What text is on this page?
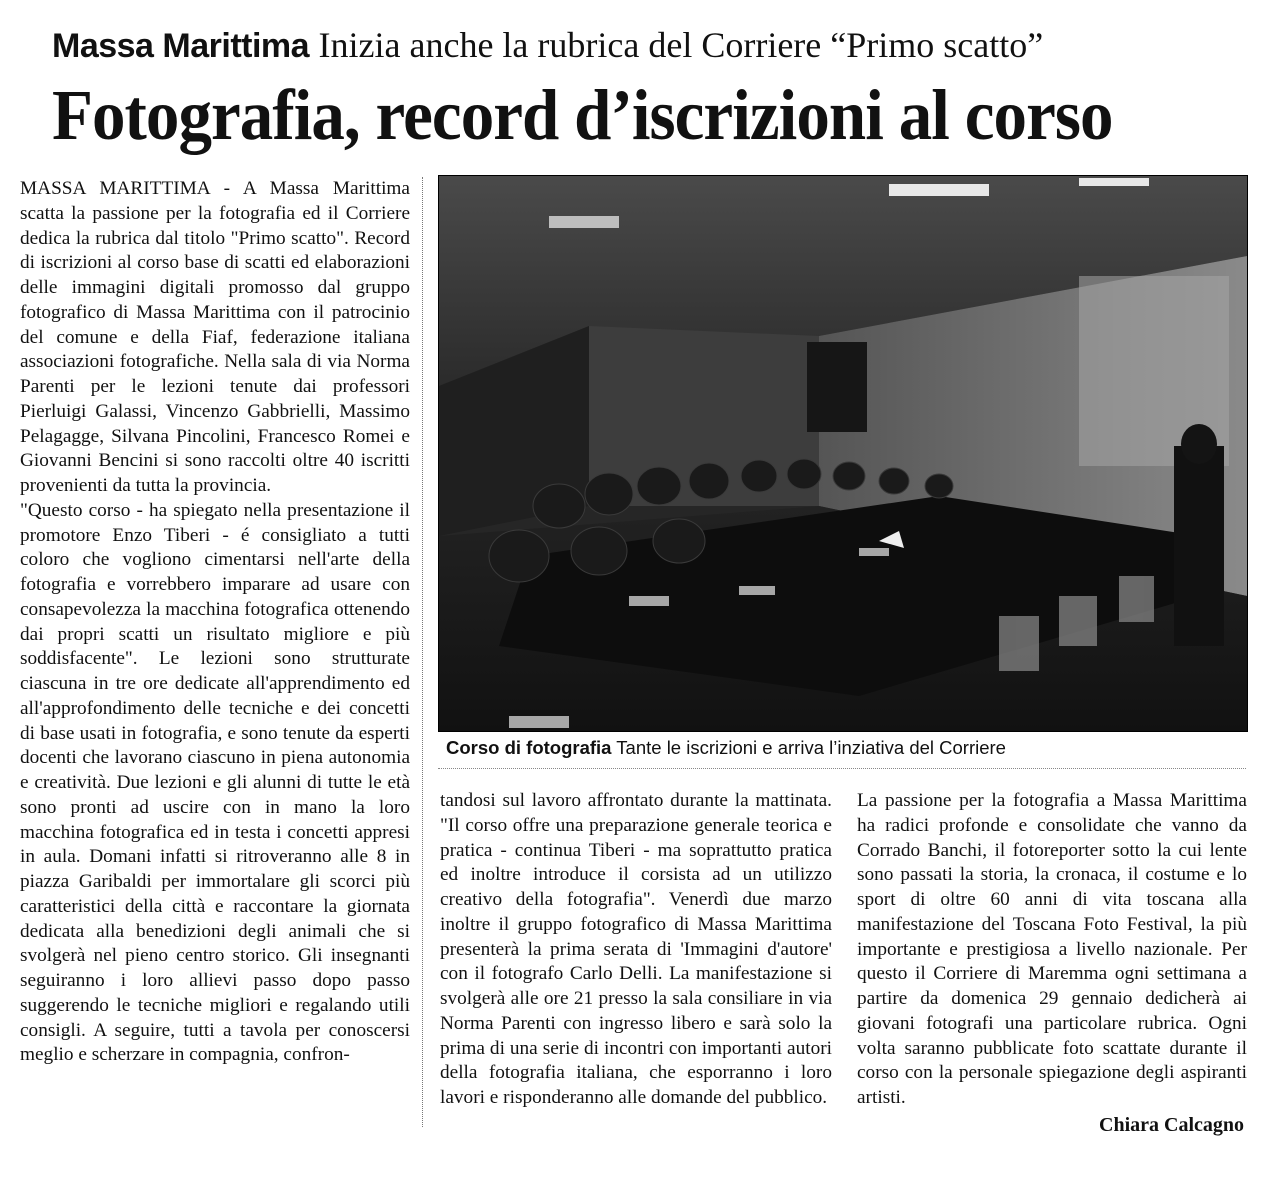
Massa Marittima Inizia anche la rubrica del Corriere “Primo scatto”
Fotografia, record d’iscrizioni al corso
MASSA MARITTIMA - A Massa Marittima scatta la passione per la fotografia ed il Corriere dedica la rubrica dal titolo "Primo scatto". Record di iscrizioni al corso base di scatti ed elaborazioni delle immagini digitali promosso dal gruppo fotografico di Massa Marittima con il patrocinio del comune e della Fiaf, federazione italiana associazioni fotografiche. Nella sala di via Norma Parenti per le lezioni tenute dai professori Pierluigi Galassi, Vincenzo Gabbrielli, Massimo Pelagagge, Silvana Pincolini, Francesco Romei e Giovanni Bencini si sono raccolti oltre 40 iscritti provenienti da tutta la provincia.
"Questo corso - ha spiegato nella presentazione il promotore Enzo Tiberi - é consigliato a tutti coloro che vogliono cimentarsi nell'arte della fotografia e vorrebbero imparare ad usare con consapevolezza la macchina fotografica ottenendo dai propri scatti un risultato migliore e più soddisfacente". Le lezioni sono strutturate ciascuna in tre ore dedicate all'apprendimento ed all'approfondimento delle tecniche e dei concetti di base usati in fotografia, e sono tenute da esperti docenti che lavorano ciascuno in piena autonomia e creatività. Due lezioni e gli alunni di tutte le età sono pronti ad uscire con in mano la loro macchina fotografica ed in testa i concetti appresi in aula. Domani infatti si ritroveranno alle 8 in piazza Garibaldi per immortalare gli scorci più caratteristici della città e raccontare la giornata dedicata alla benedizioni degli animali che si svolgerà nel pieno centro storico. Gli insegnanti seguiranno i loro allievi passo dopo passo suggerendo le tecniche migliori e regalando utili consigli. A seguire, tutti a tavola per conoscersi meglio e scherzare in compagnia, confron-
Corso di fotografia Tante le iscrizioni e arriva l’inziativa del Corriere
tandosi sul lavoro affrontato durante la mattinata. "Il corso offre una preparazione generale teorica e pratica - continua Tiberi - ma soprattutto pratica ed inoltre introduce il corsista ad un utilizzo creativo della fotografia". Venerdì due marzo inoltre il gruppo fotografico di Massa Marittima presenterà la prima serata di 'Immagini d'autore' con il fotografo Carlo Delli. La manifestazione si svolgerà alle ore 21 presso la sala consiliare in via Norma Parenti con ingresso libero e sarà solo la prima di una serie di incontri con importanti autori della fotografia italiana, che esporranno i loro lavori e risponderanno alle domande del pubblico.
La passione per la fotografia a Massa Marittima ha radici profonde e consolidate che vanno da Corrado Banchi, il fotoreporter sotto la cui lente sono passati la storia, la cronaca, il costume e lo sport di oltre 60 anni di vita toscana alla manifestazione del Toscana Foto Festival, la più importante e prestigiosa a livello nazionale. Per questo il Corriere di Maremma ogni settimana a partire da domenica 29 gennaio dedicherà ai giovani fotografi una particolare rubrica. Ogni volta saranno pubblicate foto scattate durante il corso con la personale spiegazione degli aspiranti artisti.
Chiara Calcagno
